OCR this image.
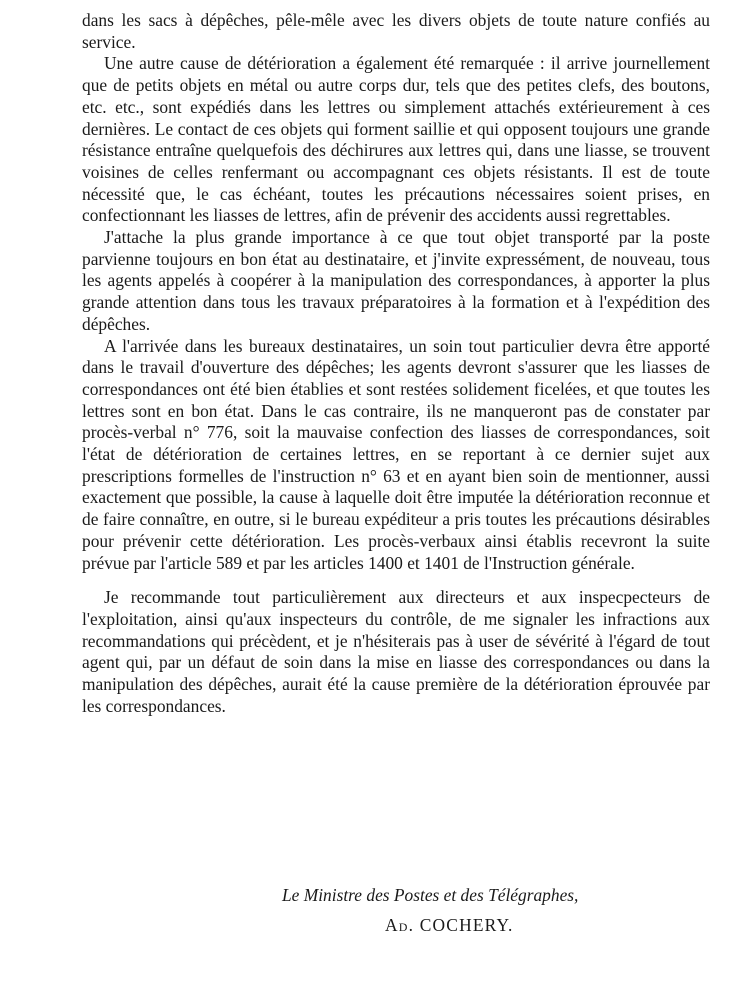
dans les sacs à dépêches, pêle-mêle avec les divers objets de toute nature confiés au service.

Une autre cause de détérioration a également été remarquée : il arrive journellement que de petits objets en métal ou autre corps dur, tels que des petites clefs, des boutons, etc. etc., sont expédiés dans les lettres ou simplement attachés extérieurement à ces dernières. Le contact de ces objets qui forment saillie et qui opposent toujours une grande résistance entraîne quelquefois des déchirures aux lettres qui, dans une liasse, se trouvent voisines de celles renfermant ou accompagnant ces objets résistants. Il est de toute nécessité que, le cas échéant, toutes les précautions nécessaires soient prises, en confectionnant les liasses de lettres, afin de prévenir des accidents aussi regrettables.

J'attache la plus grande importance à ce que tout objet transporté par la poste parvienne toujours en bon état au destinataire, et j'invite expressément, de nouveau, tous les agents appelés à coopérer à la manipulation des correspondances, à apporter la plus grande attention dans tous les travaux préparatoires à la formation et à l'expédition des dépêches.

A l'arrivée dans les bureaux destinataires, un soin tout particulier devra être apporté dans le travail d'ouverture des dépêches; les agents devront s'assurer que les liasses de correspondances ont été bien établies et sont restées solidement ficelées, et que toutes les lettres sont en bon état. Dans le cas contraire, ils ne manqueront pas de constater par procès-verbal n° 776, soit la mauvaise confection des liasses de correspondances, soit l'état de détérioration de certaines lettres, en se reportant à ce dernier sujet aux prescriptions formelles de l'instruction n° 63 et en ayant bien soin de mentionner, aussi exactement que possible, la cause à laquelle doit être imputée la détérioration reconnue et de faire connaître, en outre, si le bureau expéditeur a pris toutes les précautions désirables pour prévenir cette détérioration. Les procès-verbaux ainsi établis recevront la suite prévue par l'article 589 et par les articles 1400 et 1401 de l'Instruction générale.

Je recommande tout particulièrement aux directeurs et aux inspecpecteurs de l'exploitation, ainsi qu'aux inspecteurs du contrôle, de me signaler les infractions aux recommandations qui précèdent, et je n'hésiterais pas à user de sévérité à l'égard de tout agent qui, par un défaut de soin dans la mise en liasse des correspondances ou dans la manipulation des dépêches, aurait été la cause première de la détérioration éprouvée par les correspondances.

Le Ministre des Postes et des Télégraphes,
Ad. COCHERY.
